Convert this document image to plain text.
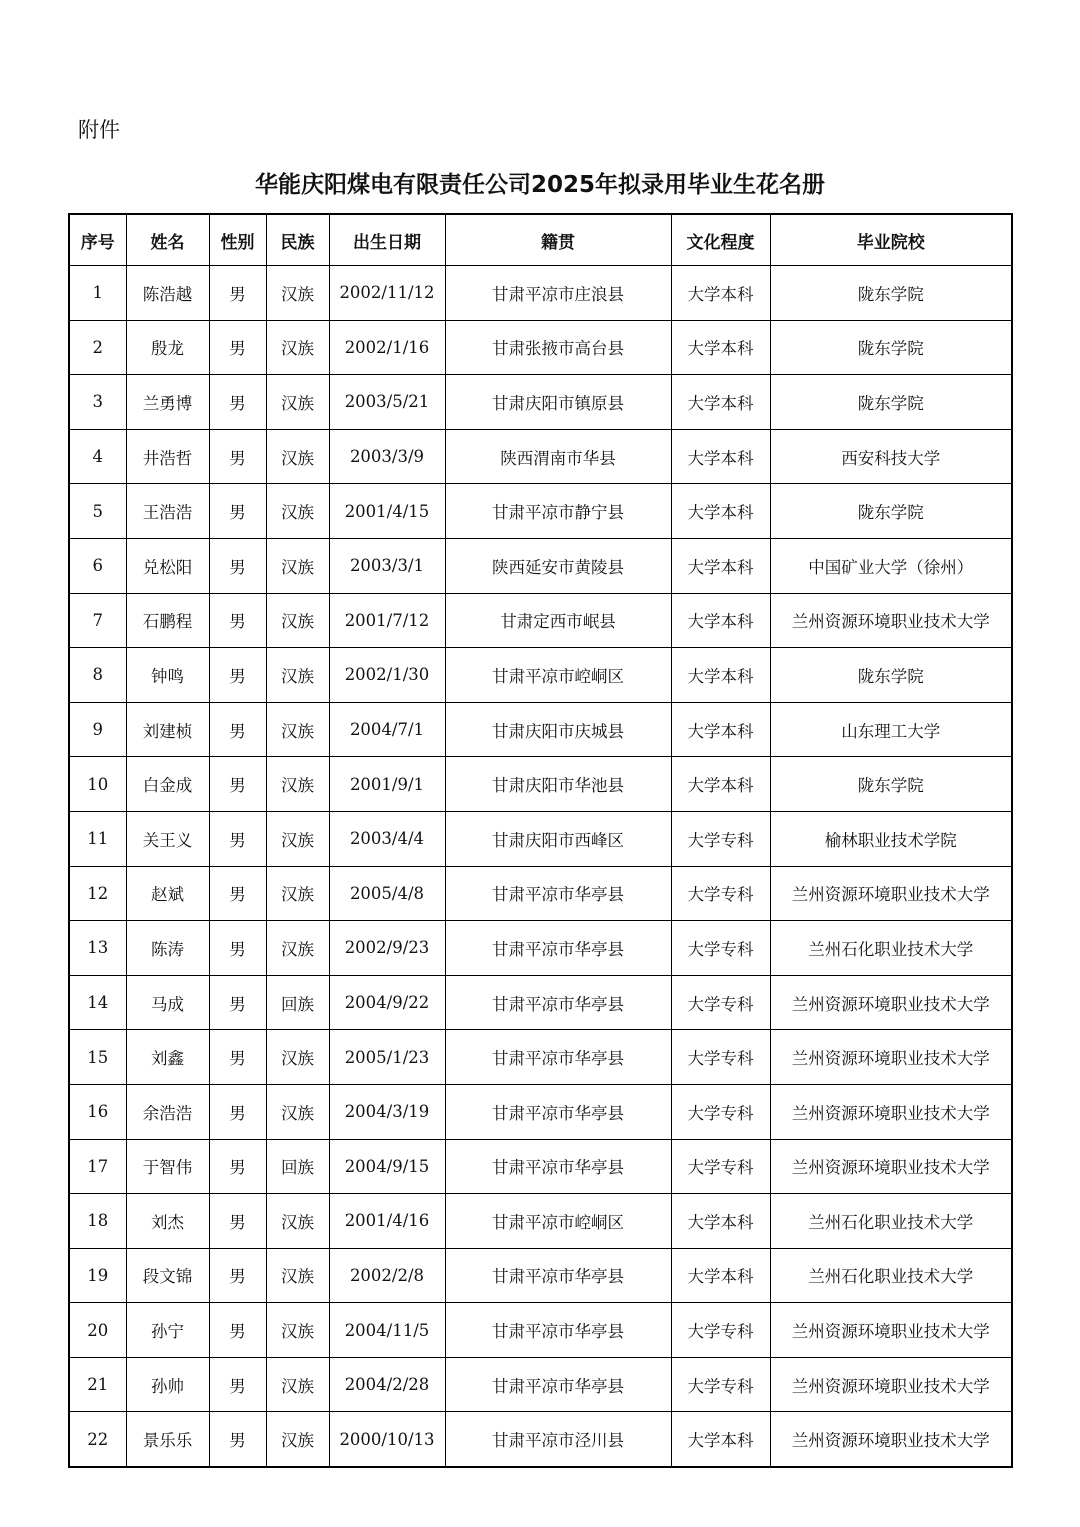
附件
华能庆阳煤电有限责任公司2025年拟录用毕业生花名册
序号	姓名	性别	民族	出生日期	籍贯	文化程度	毕业院校
1	陈浩越	男	汉族	2002/11/12	甘肃平凉市庄浪县	大学本科	陇东学院
2	殷龙	男	汉族	2002/1/16	甘肃张掖市高台县	大学本科	陇东学院
3	兰勇博	男	汉族	2003/5/21	甘肃庆阳市镇原县	大学本科	陇东学院
4	井浩哲	男	汉族	2003/3/9	陕西渭南市华县	大学本科	西安科技大学
5	王浩浩	男	汉族	2001/4/15	甘肃平凉市静宁县	大学本科	陇东学院
6	兑松阳	男	汉族	2003/3/1	陕西延安市黄陵县	大学本科	中国矿业大学（徐州）
7	石鹏程	男	汉族	2001/7/12	甘肃定西市岷县	大学本科	兰州资源环境职业技术大学
8	钟鸣	男	汉族	2002/1/30	甘肃平凉市崆峒区	大学本科	陇东学院
9	刘建桢	男	汉族	2004/7/1	甘肃庆阳市庆城县	大学本科	山东理工大学
10	白金成	男	汉族	2001/9/1	甘肃庆阳市华池县	大学本科	陇东学院
11	关王义	男	汉族	2003/4/4	甘肃庆阳市西峰区	大学专科	榆林职业技术学院
12	赵斌	男	汉族	2005/4/8	甘肃平凉市华亭县	大学专科	兰州资源环境职业技术大学
13	陈涛	男	汉族	2002/9/23	甘肃平凉市华亭县	大学专科	兰州石化职业技术大学
14	马成	男	回族	2004/9/22	甘肃平凉市华亭县	大学专科	兰州资源环境职业技术大学
15	刘鑫	男	汉族	2005/1/23	甘肃平凉市华亭县	大学专科	兰州资源环境职业技术大学
16	余浩浩	男	汉族	2004/3/19	甘肃平凉市华亭县	大学专科	兰州资源环境职业技术大学
17	于智伟	男	回族	2004/9/15	甘肃平凉市华亭县	大学专科	兰州资源环境职业技术大学
18	刘杰	男	汉族	2001/4/16	甘肃平凉市崆峒区	大学本科	兰州石化职业技术大学
19	段文锦	男	汉族	2002/2/8	甘肃平凉市华亭县	大学本科	兰州石化职业技术大学
20	孙宁	男	汉族	2004/11/5	甘肃平凉市华亭县	大学专科	兰州资源环境职业技术大学
21	孙帅	男	汉族	2004/2/28	甘肃平凉市华亭县	大学专科	兰州资源环境职业技术大学
22	景乐乐	男	汉族	2000/10/13	甘肃平凉市泾川县	大学本科	兰州资源环境职业技术大学
